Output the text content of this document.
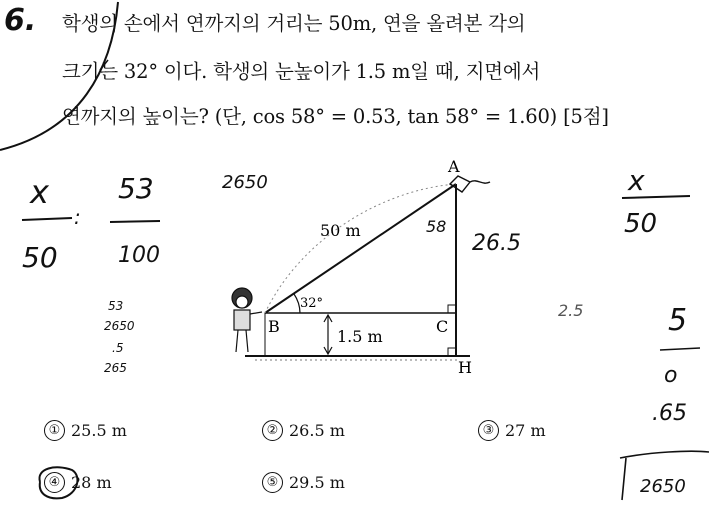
6. 학생의 손에서 연까지의 거리는 50m, 연을 올려본 각의
크기는 32° 이다. 학생의 눈높이가 1.5 m일 때, 지면에서
연까지의 높이는? (단, cos 58° = 0.53, tan 58° = 1.60) [5점]
A
B	C
H
50 m
32°
1.5 m
x
50
:
53
100
2650
58
26.5
2.5
x
50
53
2650
.5
265
5
o
.65
2650
① 25.5 m	② 26.5 m	③ 27 m
④ 28 m	⑤ 29.5 m
